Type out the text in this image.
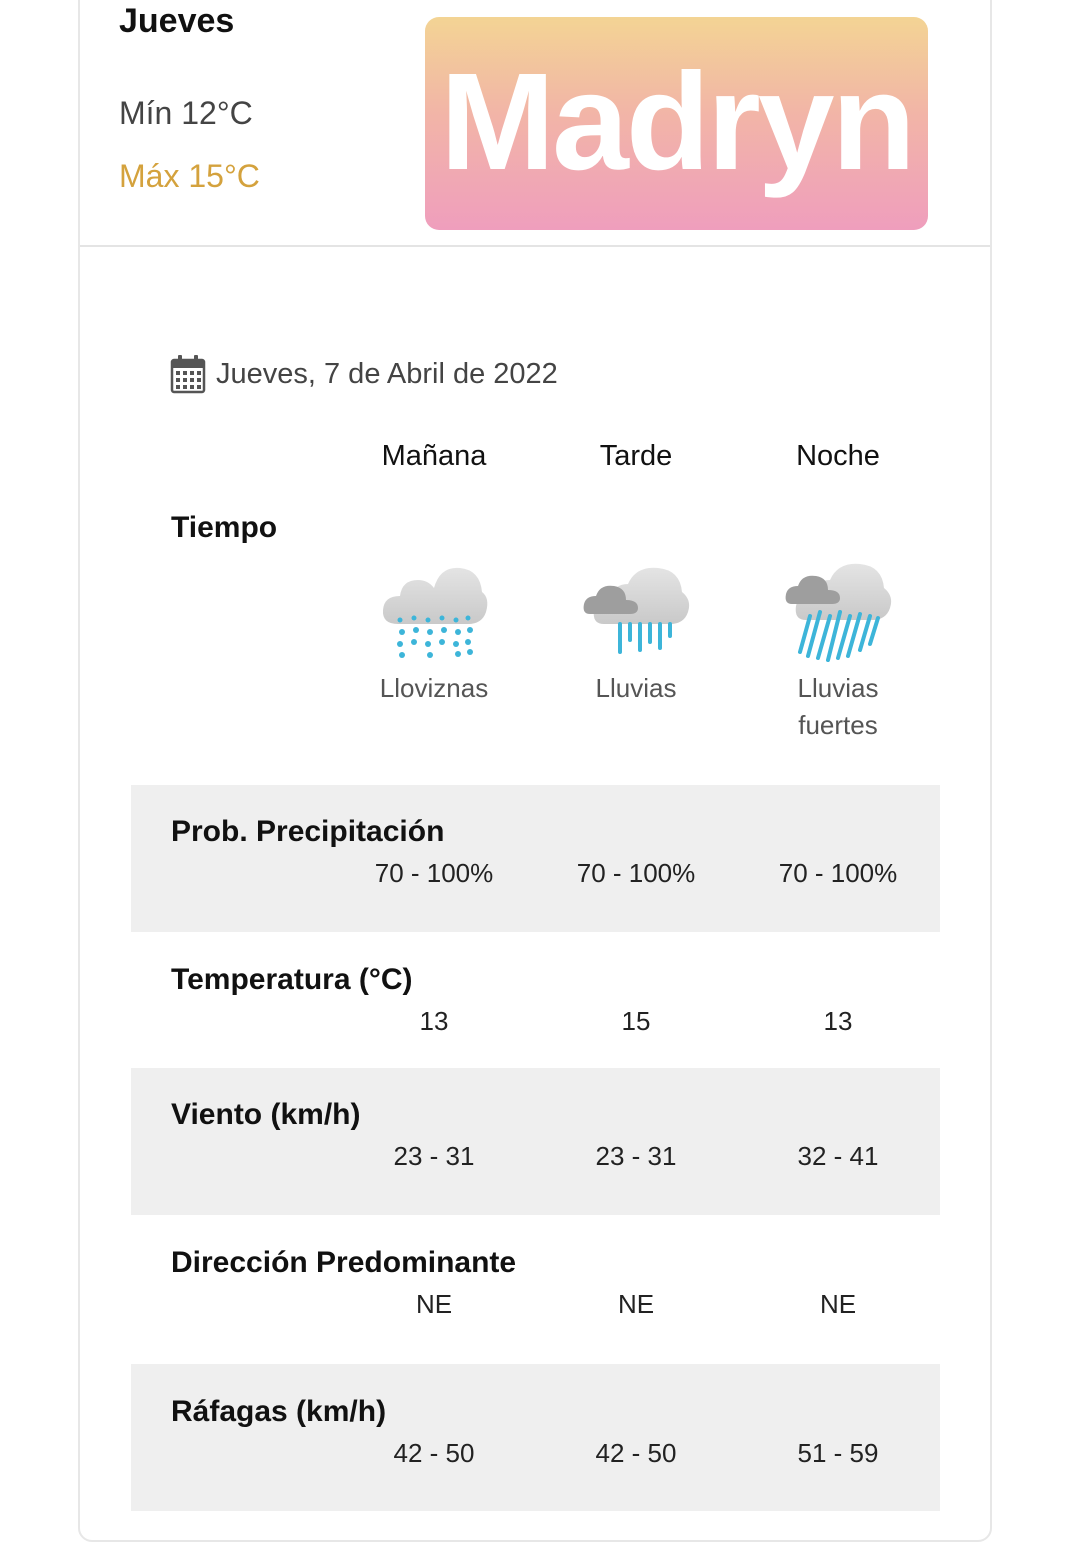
Jueves
Mín 12°C
Máx 15°C Madryn
Jueves, 7 de Abril de 2022
Mañana	Tarde	Noche
Tiempo
Lloviznas	Lluvias	Lluvias fuertes
Prob. Precipitación
70 - 100%	70 - 100%	70 - 100%
Temperatura (°C)
13	15	13
Viento (km/h)
23 - 31	23 - 31	32 - 41
Dirección Predominante
NE	NE	NE
Ráfagas (km/h)
42 - 50	42 - 50	51 - 59
